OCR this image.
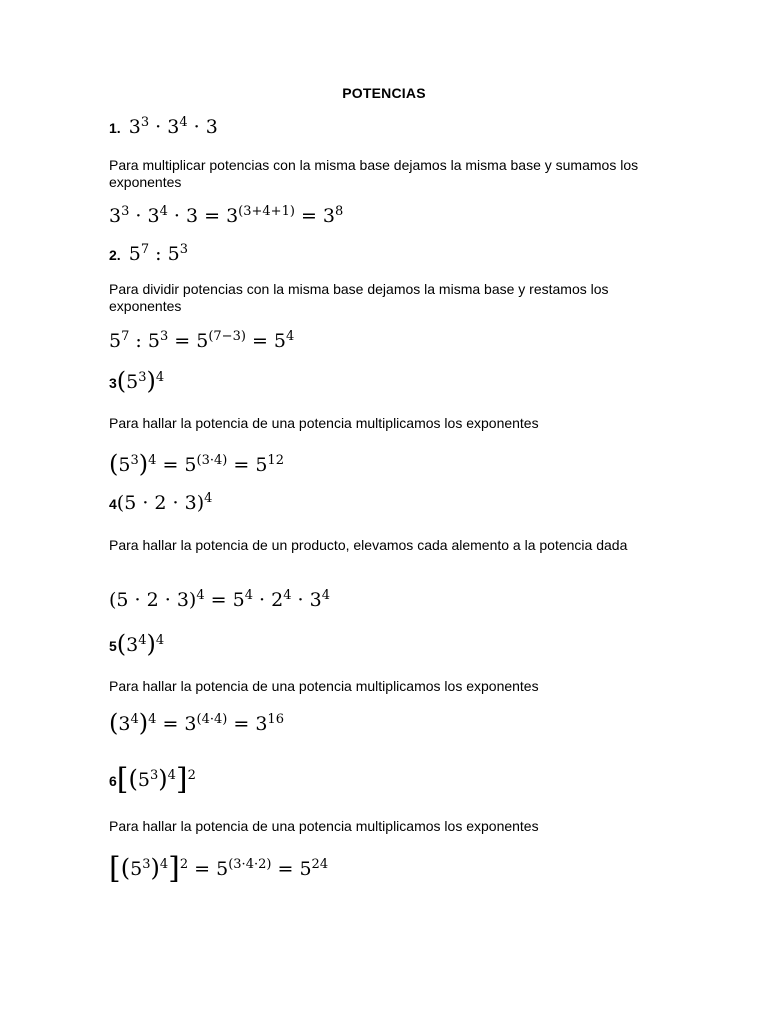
POTENCIAS
1. $3^3 \cdot 3^4 \cdot 3$
Para multiplicar potencias con la misma base dejamos la misma base y sumamos los exponentes
$3^3 \cdot 3^4 \cdot 3 = 3^{(3+4+1)} = 3^8$
2. $5^7$ : $5^3$
Para dividir potencias con la misma base dejamos la misma base y restamos los exponentes
$5^7$ : $5^3 = 5^{(7-3)} = 5^4$
$3(5^3)^4$
Para hallar la potencia de una potencia multiplicamos los exponentes
$(5^3)^4 = 5^{(3\cdot 4)} = 5^{12}$
$4(5 \cdot 2 \cdot 3)^4$
Para hallar la potencia de un producto, elevamos cada alemento a la potencia dada
$(5 \cdot 2 \cdot 3)^4 = 5^4 \cdot 2^4 \cdot 3^4$
$5(3^4)^4$
Para hallar la potencia de una potencia multiplicamos los exponentes
$(3^4)^4 = 3^{(4\cdot 4)} = 3^{16}$
$6[(5^3)^4]^2$
Para hallar la potencia de una potencia multiplicamos los exponentes
$[(5^3)^4]^2 = 5^{(3\cdot 4\cdot 2)} = 5^{24}$
